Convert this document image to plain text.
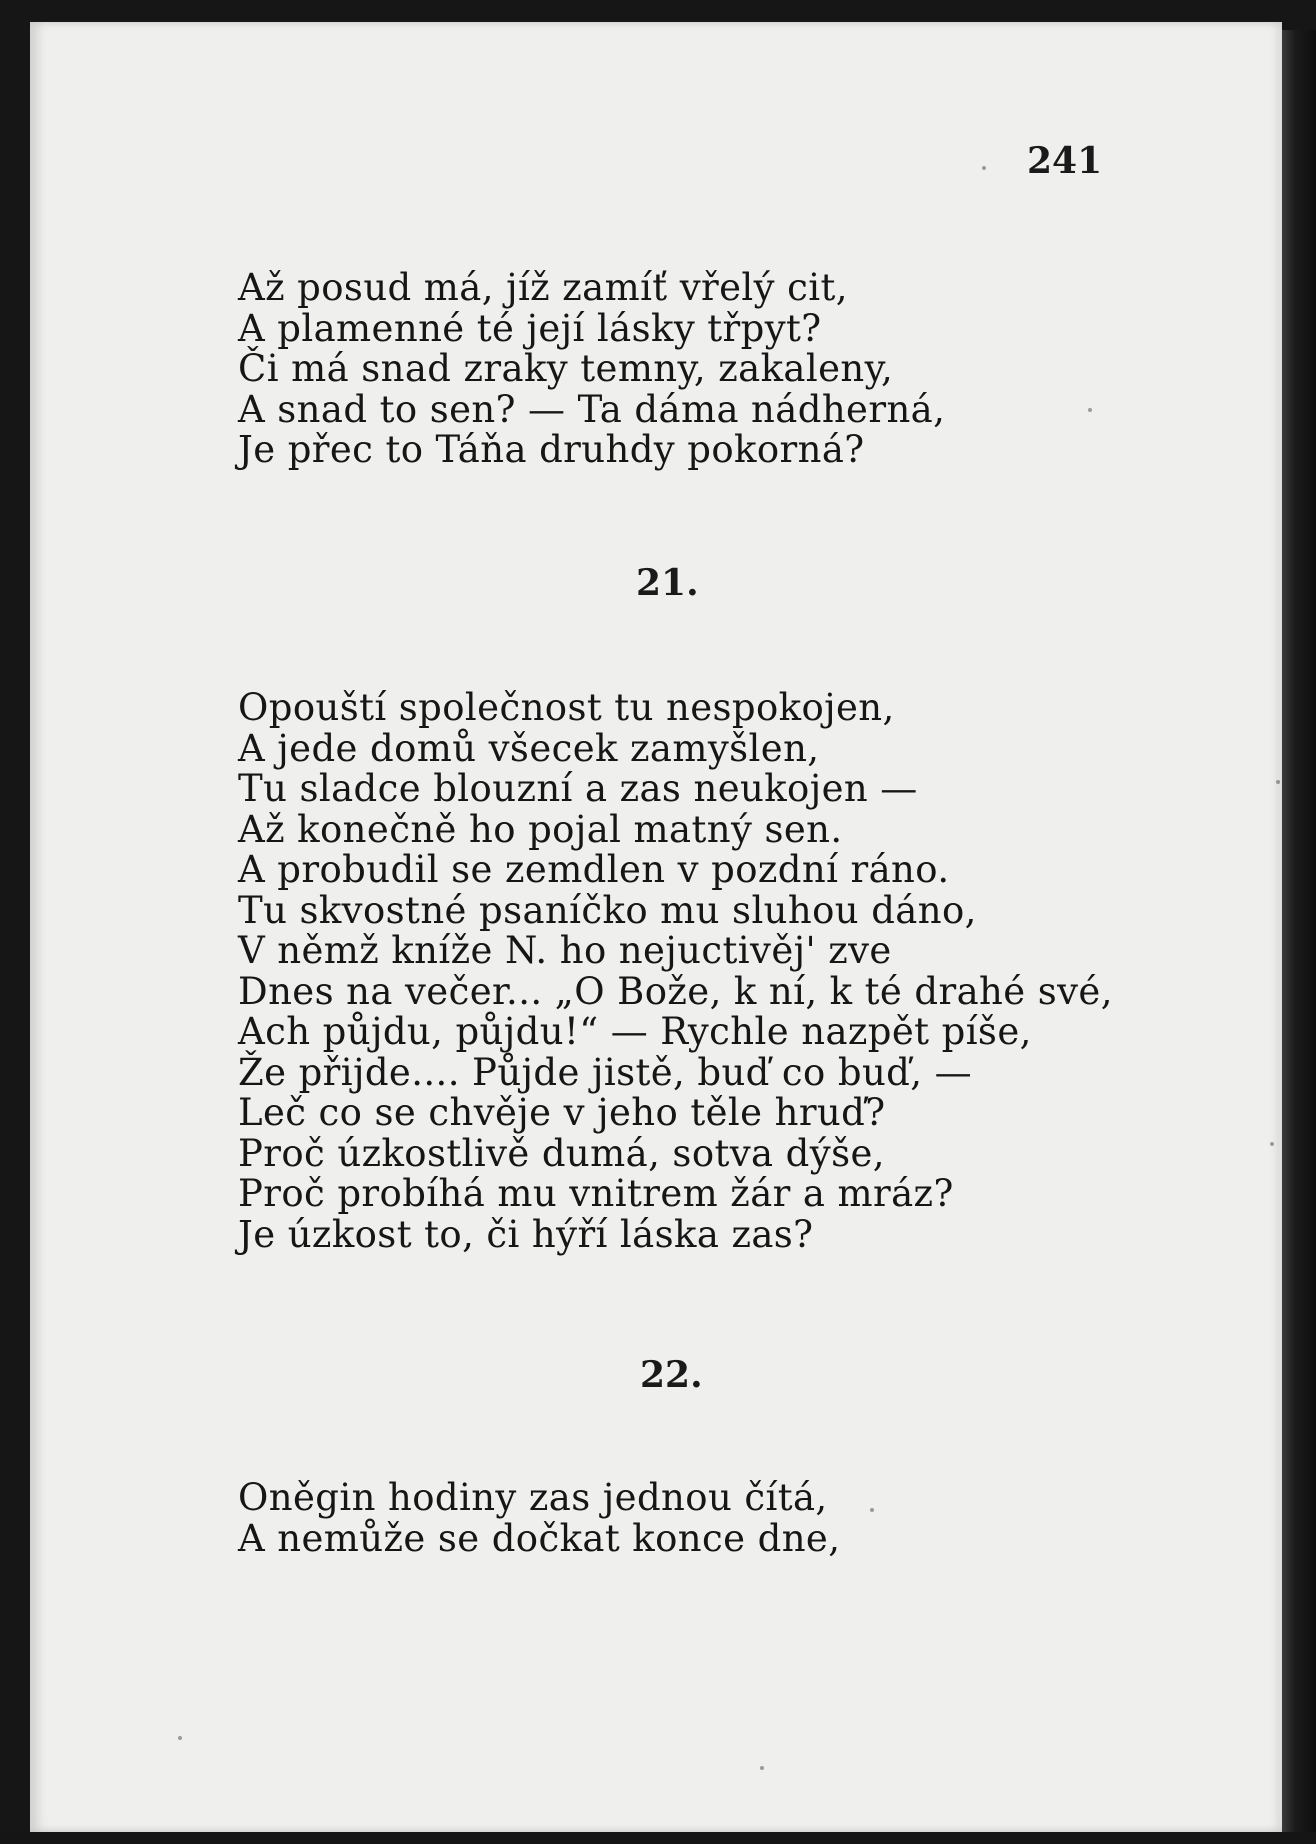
241
Až posud má, jíž zamíť vřelý cit,
A plamenné té její lásky třpyt?
Či má snad zraky temny, zakaleny,
A snad to sen? — Ta dáma nádherná,
Je přec to Táňa druhdy pokorná?
21.
Opouští společnost tu nespokojen,
A jede domů všecek zamyšlen,
Tu sladce blouzní a zas neukojen —
Až konečně ho pojal matný sen.
A probudil se zemdlen v pozdní ráno.
Tu skvostné psaníčko mu sluhou dáno,
V němž kníže N. ho nejuctivěj' zve
Dnes na večer... „O Bože, k ní, k té drahé své,
Ach půjdu, půjdu!“ — Rychle nazpět píše,
Že přijde.... Půjde jistě, buď co buď, —
Leč co se chvěje v jeho těle hruď?
Proč úzkostlivě dumá, sotva dýše,
Proč probíhá mu vnitrem žár a mráz?
Je úzkost to, či hýří láska zas?
22.
Oněgin hodiny zas jednou čítá,
A nemůže se dočkat konce dne,
